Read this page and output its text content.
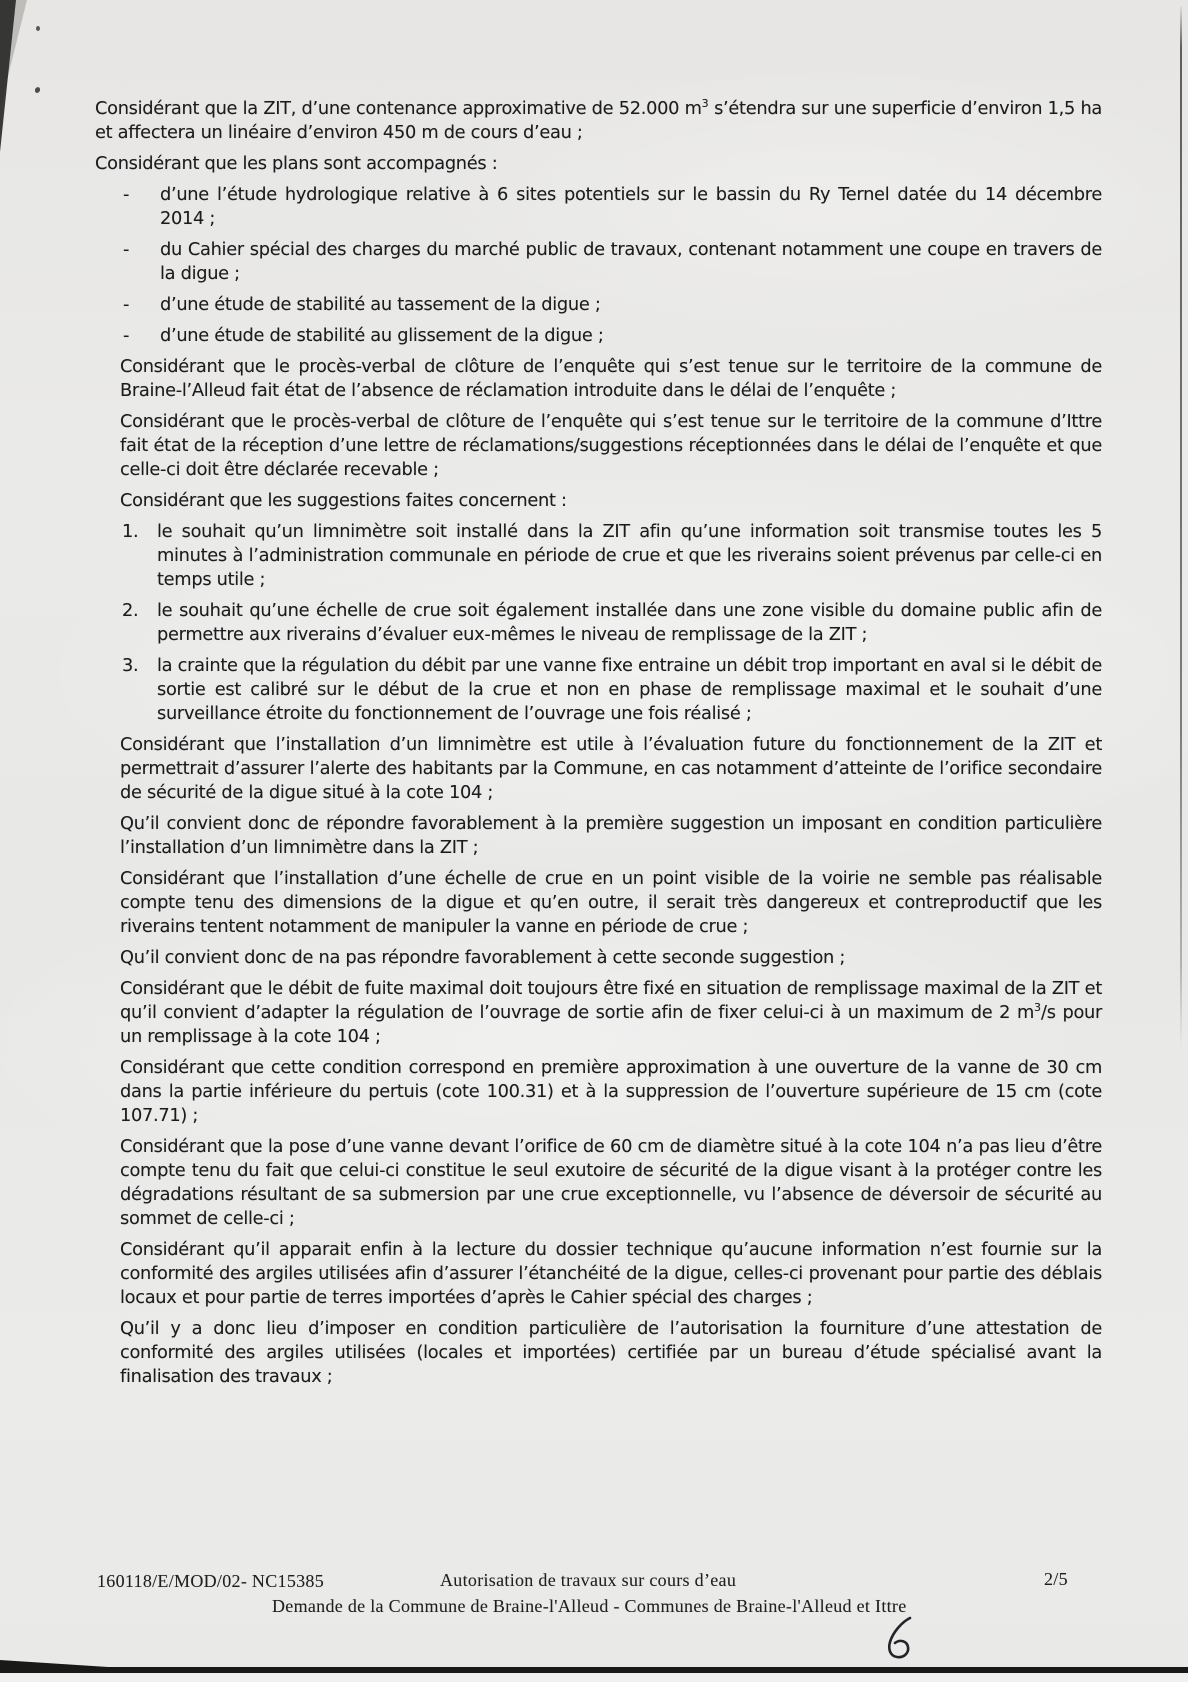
Considérant que la ZIT, d’une contenance approximative de 52.000 $m^3$ s’étendra sur une superficie d’environ 1,5 ha et affectera un linéaire d’environ 450 m de cours d’eau ;

Considérant que les plans sont accompagnés :

- d’une l’étude hydrologique relative à 6 sites potentiels sur le bassin du Ry Ternel datée du 14 décembre 2014 ;
- du Cahier spécial des charges du marché public de travaux, contenant notamment une coupe en travers de la digue ;
- d’une étude de stabilité au tassement de la digue ;
- d’une étude de stabilité au glissement de la digue ;

Considérant que le procès-verbal de clôture de l’enquête qui s’est tenue sur le territoire de la commune de Braine-l’Alleud fait état de l’absence de réclamation introduite dans le délai de l’enquête ;

Considérant que le procès-verbal de clôture de l’enquête qui s’est tenue sur le territoire de la commune d’Ittre fait état de la réception d’une lettre de réclamations/suggestions réceptionnées dans le délai de l’enquête et que celle-ci doit être déclarée recevable ;

Considérant que les suggestions faites concernent :

1. le souhait qu’un limnimètre soit installé dans la ZIT afin qu’une information soit transmise toutes les 5 minutes à l’administration communale en période de crue et que les riverains soient prévenus par celle-ci en temps utile ;
2. le souhait qu’une échelle de crue soit également installée dans une zone visible du domaine public afin de permettre aux riverains d’évaluer eux-mêmes le niveau de remplissage de la ZIT ;
3. la crainte que la régulation du débit par une vanne fixe entraine un débit trop important en aval si le débit de sortie est calibré sur le début de la crue et non en phase de remplissage maximal et le souhait d’une surveillance étroite du fonctionnement de l’ouvrage une fois réalisé ;

Considérant que l’installation d’un limnimètre est utile à l’évaluation future du fonctionnement de la ZIT et permettrait d’assurer l’alerte des habitants par la Commune, en cas notamment d’atteinte de l’orifice secondaire de sécurité de la digue situé à la cote 104 ;

Qu’il convient donc de répondre favorablement à la première suggestion un imposant en condition particulière l’installation d’un limnimètre dans la ZIT ;

Considérant que l’installation d’une échelle de crue en un point visible de la voirie ne semble pas réalisable compte tenu des dimensions de la digue et qu’en outre, il serait très dangereux et contreproductif que les riverains tentent notamment de manipuler la vanne en période de crue ;

Qu’il convient donc de na pas répondre favorablement à cette seconde suggestion ;

Considérant que le débit de fuite maximal doit toujours être fixé en situation de remplissage maximal de la ZIT et qu’il convient d’adapter la régulation de l’ouvrage de sortie afin de fixer celui-ci à un maximum de 2 $m^3/s$ pour un remplissage à la cote 104 ;

Considérant que cette condition correspond en première approximation à une ouverture de la vanne de 30 cm dans la partie inférieure du pertuis (cote 100.31) et à la suppression de l’ouverture supérieure de 15 cm (cote 107.71) ;

Considérant que la pose d’une vanne devant l’orifice de 60 cm de diamètre situé à la cote 104 n’a pas lieu d’être compte tenu du fait que celui-ci constitue le seul exutoire de sécurité de la digue visant à la protéger contre les dégradations résultant de sa submersion par une crue exceptionnelle, vu l’absence de déversoir de sécurité au sommet de celle-ci ;

Considérant qu’il apparait enfin à la lecture du dossier technique qu’aucune information n’est fournie sur la conformité des argiles utilisées afin d’assurer l’étanchéité de la digue, celles-ci provenant pour partie des déblais locaux et pour partie de terres importées d’après le Cahier spécial des charges ;

Qu’il y a donc lieu d’imposer en condition particulière de l’autorisation la fourniture d’une attestation de conformité des argiles utilisées (locales et importées) certifiée par un bureau d’étude spécialisé avant la finalisation des travaux ;

160118/E/MOD/02- NC15385	Autorisation de travaux sur cours d’eau	2/5
Demande de la Commune de Braine-l'Alleud - Communes de Braine-l'Alleud et Ittre
